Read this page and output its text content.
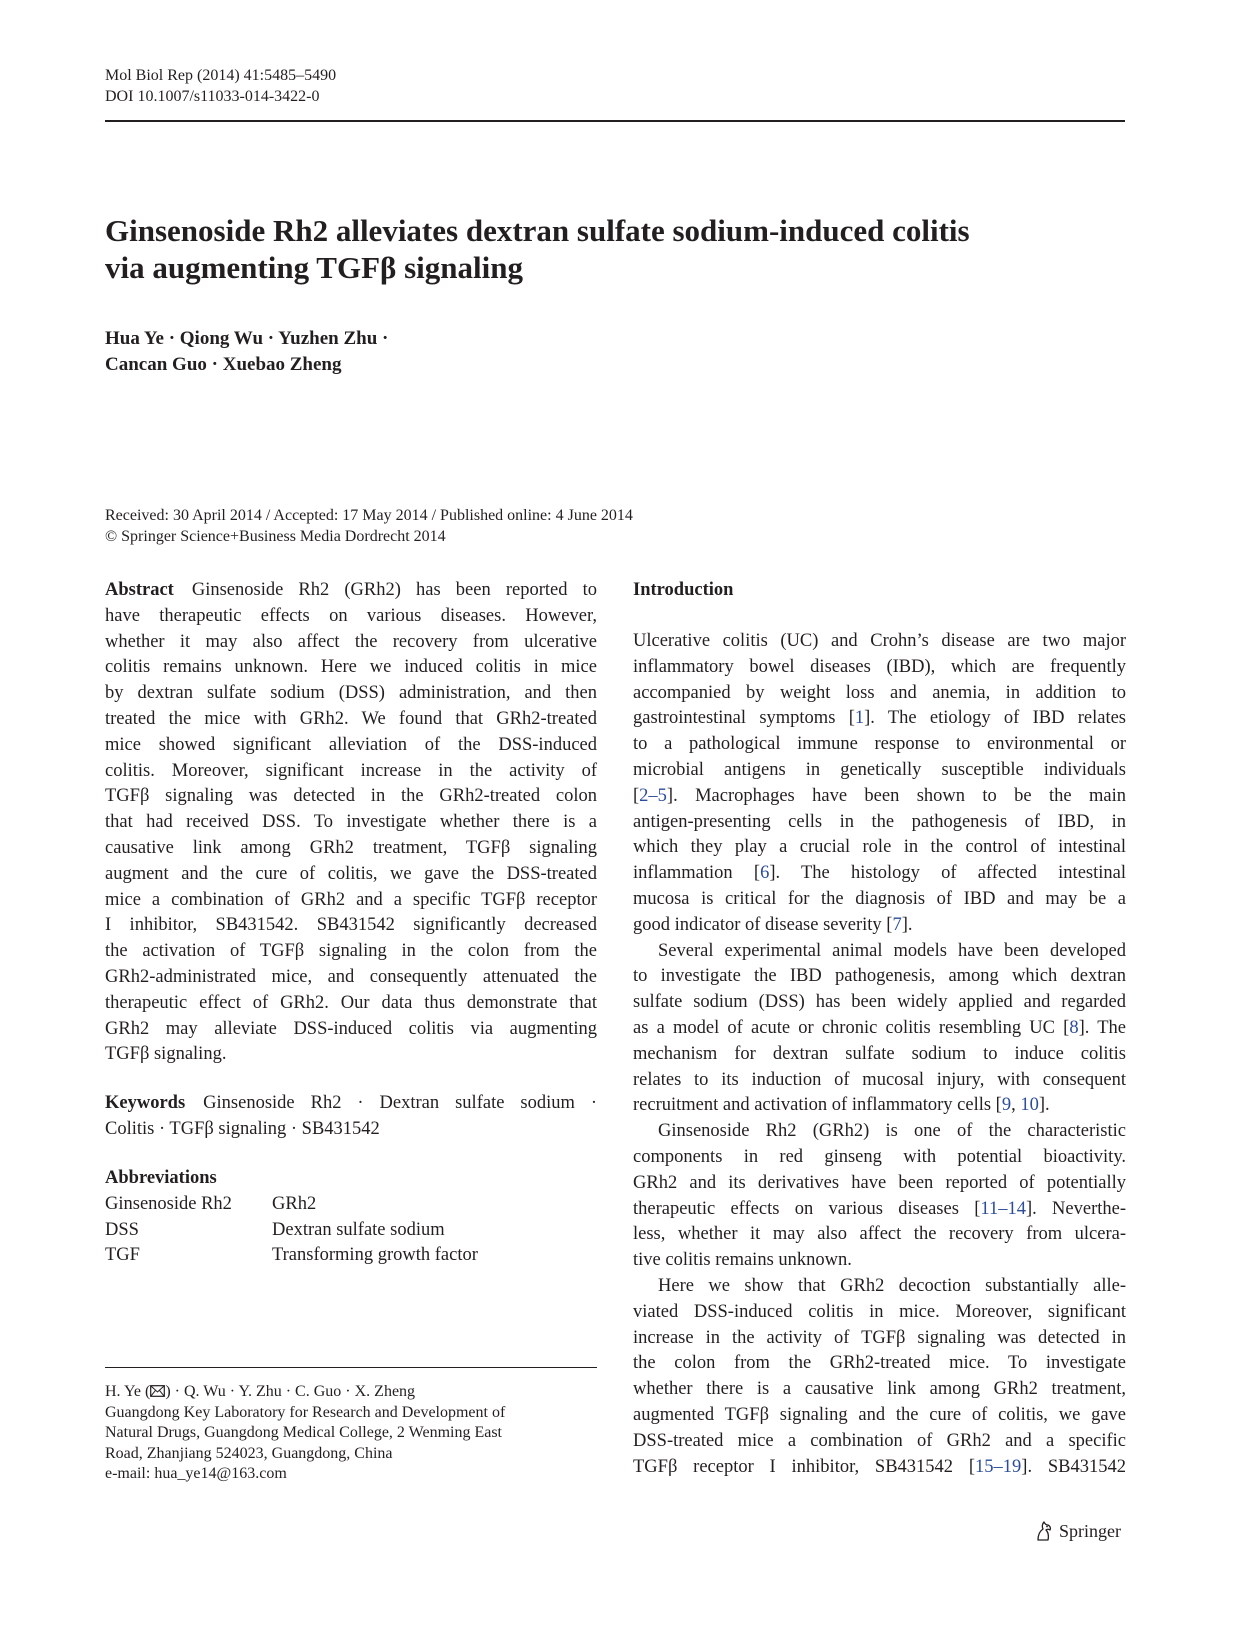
Mol Biol Rep (2014) 41:5485–5490
DOI 10.1007/s11033-014-3422-0
Ginsenoside Rh2 alleviates dextran sulfate sodium-induced colitis
via augmenting TGFβ signaling
Hua Ye · Qiong Wu · Yuzhen Zhu ·
Cancan Guo · Xuebao Zheng
Received: 30 April 2014 / Accepted: 17 May 2014 / Published online: 4 June 2014
© Springer Science+Business Media Dordrecht 2014
Abstract Ginsenoside Rh2 (GRh2) has been reported to
have therapeutic effects on various diseases. However,
whether it may also affect the recovery from ulcerative
colitis remains unknown. Here we induced colitis in mice
by dextran sulfate sodium (DSS) administration, and then
treated the mice with GRh2. We found that GRh2-treated
mice showed significant alleviation of the DSS-induced
colitis. Moreover, significant increase in the activity of
TGFβ signaling was detected in the GRh2-treated colon
that had received DSS. To investigate whether there is a
causative link among GRh2 treatment, TGFβ signaling
augment and the cure of colitis, we gave the DSS-treated
mice a combination of GRh2 and a specific TGFβ receptor
I inhibitor, SB431542. SB431542 significantly decreased
the activation of TGFβ signaling in the colon from the
GRh2-administrated mice, and consequently attenuated the
therapeutic effect of GRh2. Our data thus demonstrate that
GRh2 may alleviate DSS-induced colitis via augmenting
TGFβ signaling.
Keywords Ginsenoside Rh2 · Dextran sulfate sodium ·
Colitis · TGFβ signaling · SB431542
Abbreviations
Ginsenoside Rh2	GRh2
DSS	Dextran sulfate sodium
TGF	Transforming growth factor
H. Ye ( ) · Q. Wu · Y. Zhu · C. Guo · X. Zheng
Guangdong Key Laboratory for Research and Development of
Natural Drugs, Guangdong Medical College, 2 Wenming East
Road, Zhanjiang 524023, Guangdong, China
e-mail: hua_ye14@163.com
Introduction
Ulcerative colitis (UC) and Crohn’s disease are two major
inflammatory bowel diseases (IBD), which are frequently
accompanied by weight loss and anemia, in addition to
gastrointestinal symptoms [1]. The etiology of IBD relates
to a pathological immune response to environmental or
microbial antigens in genetically susceptible individuals
[2–5]. Macrophages have been shown to be the main
antigen-presenting cells in the pathogenesis of IBD, in
which they play a crucial role in the control of intestinal
inflammation [6]. The histology of affected intestinal
mucosa is critical for the diagnosis of IBD and may be a
good indicator of disease severity [7].
Several experimental animal models have been developed
to investigate the IBD pathogenesis, among which dextran
sulfate sodium (DSS) has been widely applied and regarded
as a model of acute or chronic colitis resembling UC [8]. The
mechanism for dextran sulfate sodium to induce colitis
relates to its induction of mucosal injury, with consequent
recruitment and activation of inflammatory cells [9, 10].
Ginsenoside Rh2 (GRh2) is one of the characteristic
components in red ginseng with potential bioactivity.
GRh2 and its derivatives have been reported of potentially
therapeutic effects on various diseases [11–14]. Neverthe-
less, whether it may also affect the recovery from ulcera-
tive colitis remains unknown.
Here we show that GRh2 decoction substantially alle-
viated DSS-induced colitis in mice. Moreover, significant
increase in the activity of TGFβ signaling was detected in
the colon from the GRh2-treated mice. To investigate
whether there is a causative link among GRh2 treatment,
augmented TGFβ signaling and the cure of colitis, we gave
DSS-treated mice a combination of GRh2 and a specific
TGFβ receptor I inhibitor, SB431542 [15–19]. SB431542
Springer
